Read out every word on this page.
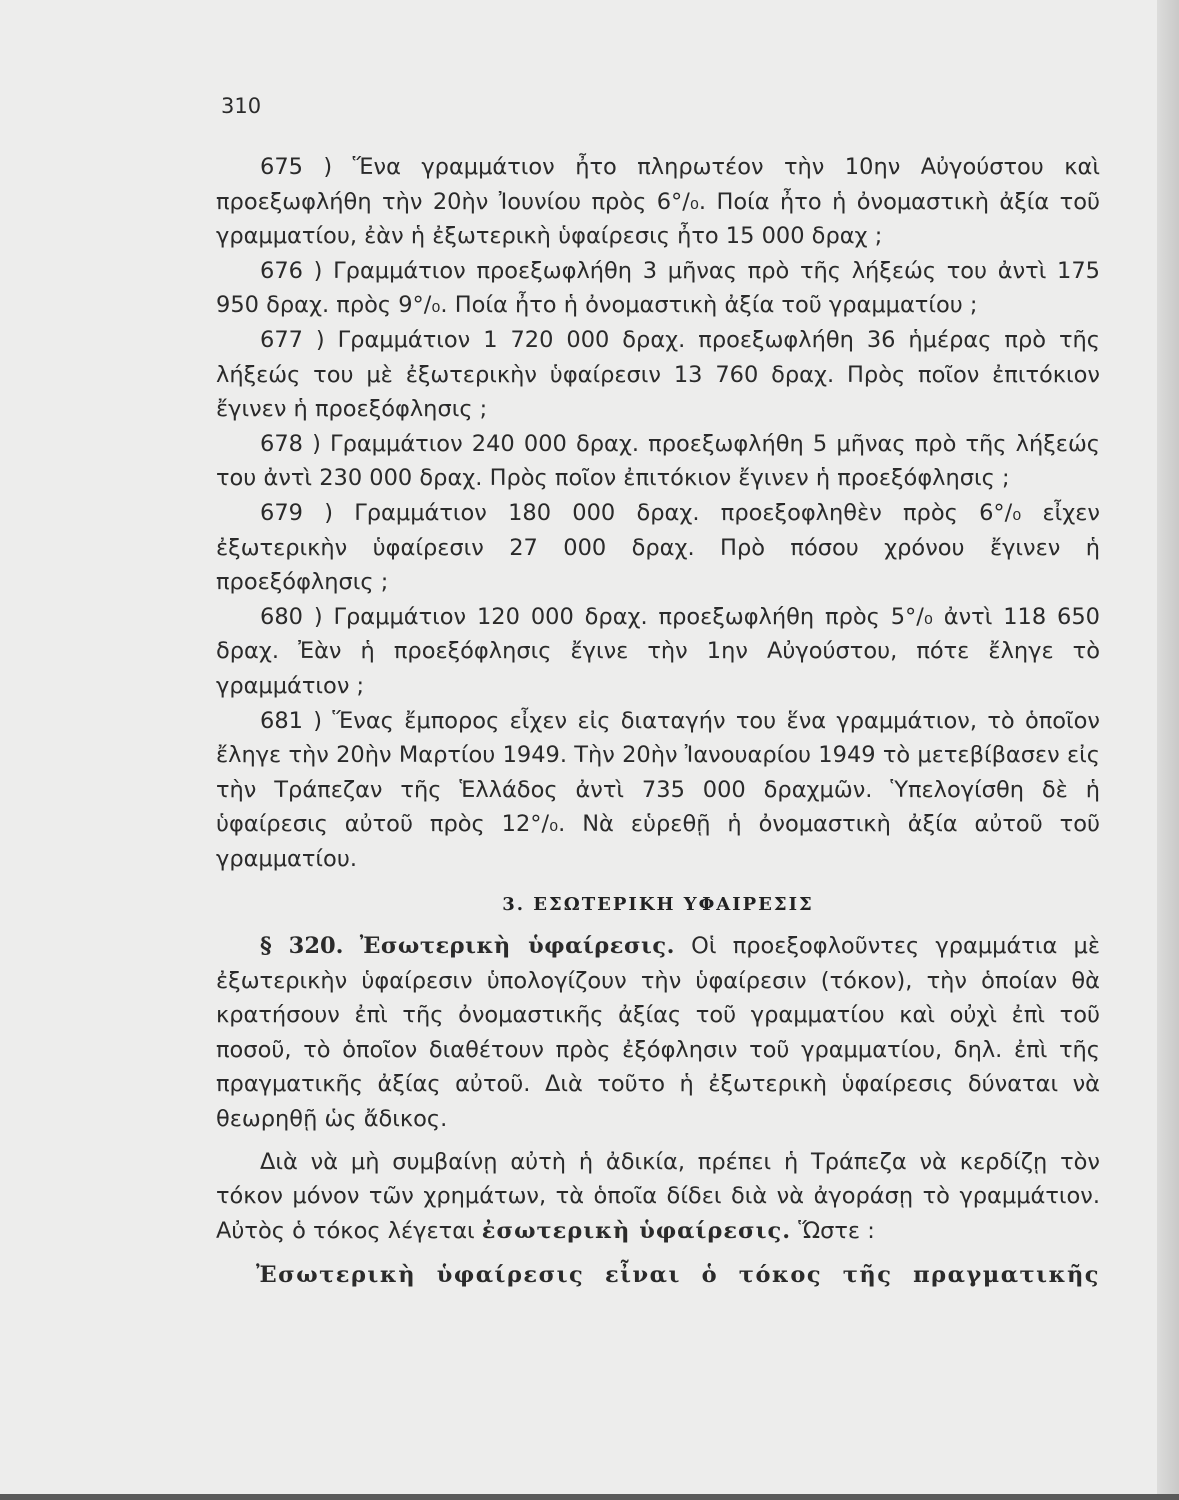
310

675 ) Ἕνα γραμμάτιον ἦτο πληρωτέον τὴν 10ην Αὐγούστου καὶ προεξωφλήθη τὴν 20ὴν Ἰουνίου πρὸς 6°/₀. Ποία ἦτο ἡ ὀνομαστικὴ ἀξία τοῦ γραμματίου, ἐὰν ἡ ἐξωτερικὴ ὑφαίρεσις ἦτο 15 000 δραχ ;

676 ) Γραμμάτιον προεξωφλήθη 3 μῆνας πρὸ τῆς λήξεώς του ἀντὶ 175 950 δραχ. πρὸς 9°/₀. Ποία ἦτο ἡ ὀνομαστικὴ ἀξία τοῦ γραμματίου ;

677 ) Γραμμάτιον 1 720 000 δραχ. προεξωφλήθη 36 ἡμέρας πρὸ τῆς λήξεώς του μὲ ἐξωτερικὴν ὑφαίρεσιν 13 760 δραχ. Πρὸς ποῖον ἐπιτόκιον ἔγινεν ἡ προεξόφλησις ;

678 ) Γραμμάτιον 240 000 δραχ. προεξωφλήθη 5 μῆνας πρὸ τῆς λήξεώς του ἀντὶ 230 000 δραχ. Πρὸς ποῖον ἐπιτόκιον ἔγινεν ἡ προεξόφλησις ;

679 ) Γραμμάτιον 180 000 δραχ. προεξοφληθὲν πρὸς 6°/₀ εἶχεν ἐξωτερικὴν ὑφαίρεσιν 27 000 δραχ. Πρὸ πόσου χρόνου ἔγινεν ἡ προεξόφλησις ;

680 ) Γραμμάτιον 120 000 δραχ. προεξωφλήθη πρὸς 5°/₀ ἀντὶ 118 650 δραχ. Ἐὰν ἡ προεξόφλησις ἔγινε τὴν 1ην Αὐγούστου, πότε ἔληγε τὸ γραμμάτιον ;

681 ) Ἕνας ἔμπορος εἶχεν εἰς διαταγήν του ἕνα γραμμάτιον, τὸ ὁποῖον ἔληγε τὴν 20ὴν Μαρτίου 1949. Τὴν 20ὴν Ἰανουαρίου 1949 τὸ μετεβίβασεν εἰς τὴν Τράπεζαν τῆς Ἑλλάδος ἀντὶ 735 000 δραχμῶν. Ὑπελογίσθη δὲ ἡ ὑφαίρεσις αὐτοῦ πρὸς 12°/₀. Νὰ εὑρεθῇ ἡ ὀνομαστικὴ ἀξία αὐτοῦ τοῦ γραμματίου.

3. ΕΣΩΤΕΡΙΚΗ ΥΦΑΙΡΕΣΙΣ

§ 320. Ἐσωτερικὴ ὑφαίρεσις. Οἱ προεξοφλοῦντες γραμμάτια μὲ ἐξωτερικὴν ὑφαίρεσιν ὑπολογίζουν τὴν ὑφαίρεσιν (τόκον), τὴν ὁποίαν θὰ κρατήσουν ἐπὶ τῆς ὀνομαστικῆς ἀξίας τοῦ γραμματίου καὶ οὐχὶ ἐπὶ τοῦ ποσοῦ, τὸ ὁποῖον διαθέτουν πρὸς ἐξόφλησιν τοῦ γραμματίου, δηλ. ἐπὶ τῆς πραγματικῆς ἀξίας αὐτοῦ. Διὰ τοῦτο ἡ ἐξωτερικὴ ὑφαίρεσις δύναται νὰ θεωρηθῇ ὡς ἄδικος.

Διὰ νὰ μὴ συμβαίνῃ αὐτὴ ἡ ἀδικία, πρέπει ἡ Τράπεζα νὰ κερδίζῃ τὸν τόκον μόνον τῶν χρημάτων, τὰ ὁποῖα δίδει διὰ νὰ ἀγοράσῃ τὸ γραμμάτιον. Αὐτὸς ὁ τόκος λέγεται ἐσωτερικὴ ὑφαίρεσις. Ὥστε :

Ἐσωτερικὴ ὑφαίρεσις εἶναι ὁ τόκος τῆς πραγματικῆς
